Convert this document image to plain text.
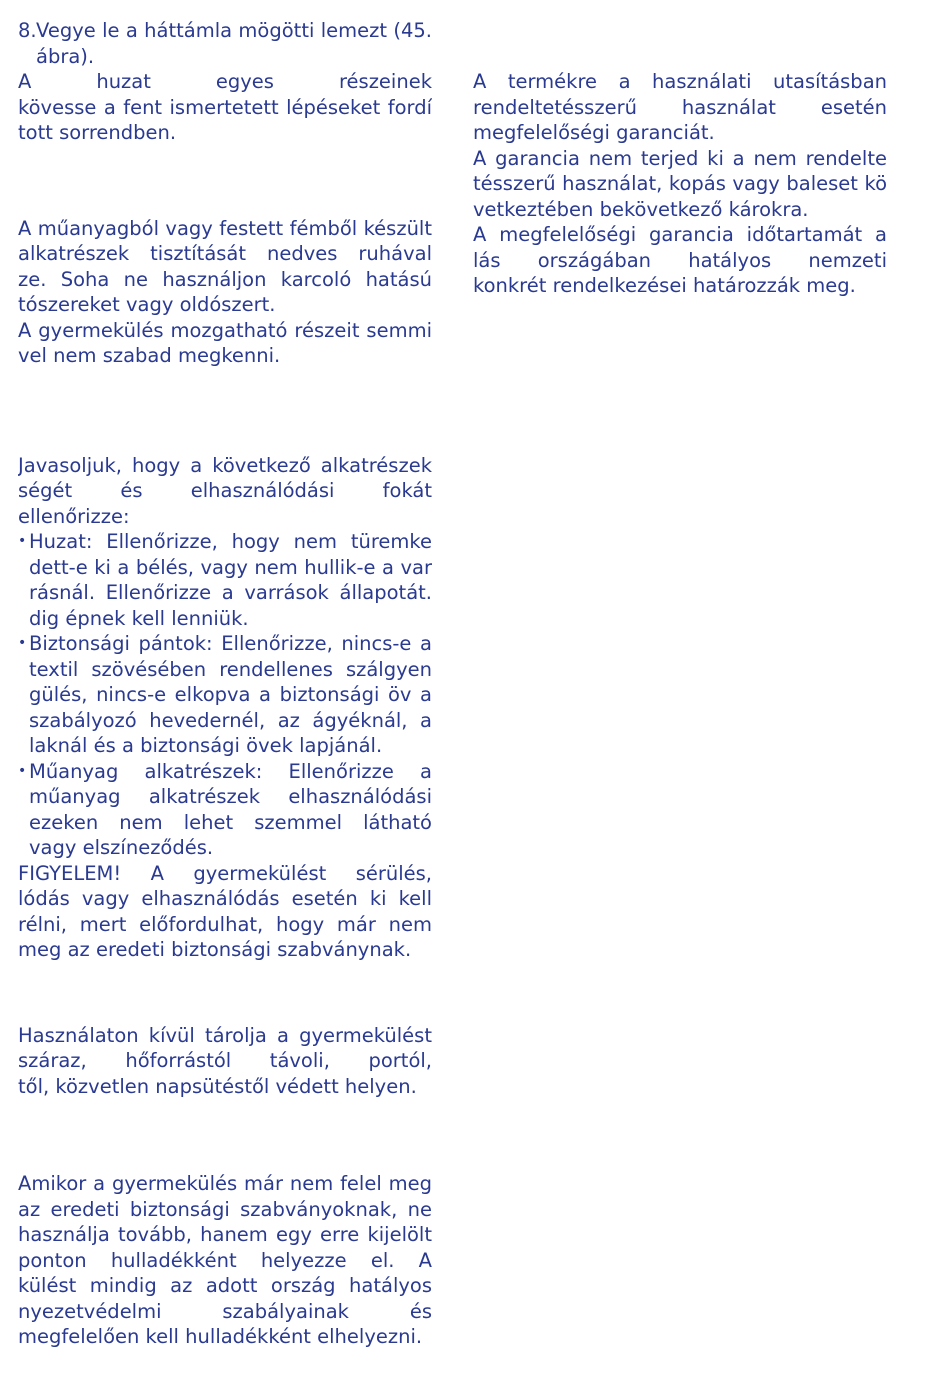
8. Vegye le a háttámla mögötti lemezt (45.
ábra).
A huzat egyes részeinek
kövesse a fent ismertetett lépéseket fordí
tott sorrendben.
A műanyagból vagy festett fémből készült
alkatrészek tisztítását nedves ruhával
ze. Soha ne használjon karcoló hatású
tószereket vagy oldószert.
A gyermekülés mozgatható részeit semmi
vel nem szabad megkenni.
Javasoljuk, hogy a következő alkatrészek
ségét és elhasználódási fokát
ellenőrizze:
• Huzat: Ellenőrizze, hogy nem türemke
dett-e ki a bélés, vagy nem hullik-e a var
rásnál. Ellenőrizze a varrások állapotát.
dig épnek kell lenniük.
• Biztonsági pántok: Ellenőrizze, nincs-e a
textil szövésében rendellenes szálgyen
gülés, nincs-e elkopva a biztonsági öv a
szabályozó hevedernél, az ágyéknál, a
laknál és a biztonsági övek lapjánál.
• Műanyag alkatrészek: Ellenőrizze a
műanyag alkatrészek elhasználódási
ezeken nem lehet szemmel látható
vagy elszíneződés.
FIGYELEM! A gyermekülést sérülés,
lódás vagy elhasználódás esetén ki kell
rélni, mert előfordulhat, hogy már nem
meg az eredeti biztonsági szabványnak.
Használaton kívül tárolja a gyermekülést
száraz, hőforrástól távoli, portól,
től, közvetlen napsütéstől védett helyen.
Amikor a gyermekülés már nem felel meg
az eredeti biztonsági szabványoknak, ne
használja tovább, hanem egy erre kijelölt
ponton hulladékként helyezze el. A
külést mindig az adott ország hatályos
nyezetvédelmi szabályainak és
megfelelően kell hulladékként elhelyezni.
A termékre a használati utasításban
rendeltetésszerű használat esetén
megfelelőségi garanciát.
A garancia nem terjed ki a nem rendelte
tésszerű használat, kopás vagy baleset kö
vetkeztében bekövetkező károkra.
A megfelelőségi garancia időtartamát a
lás országában hatályos nemzeti
konkrét rendelkezései határozzák meg.
